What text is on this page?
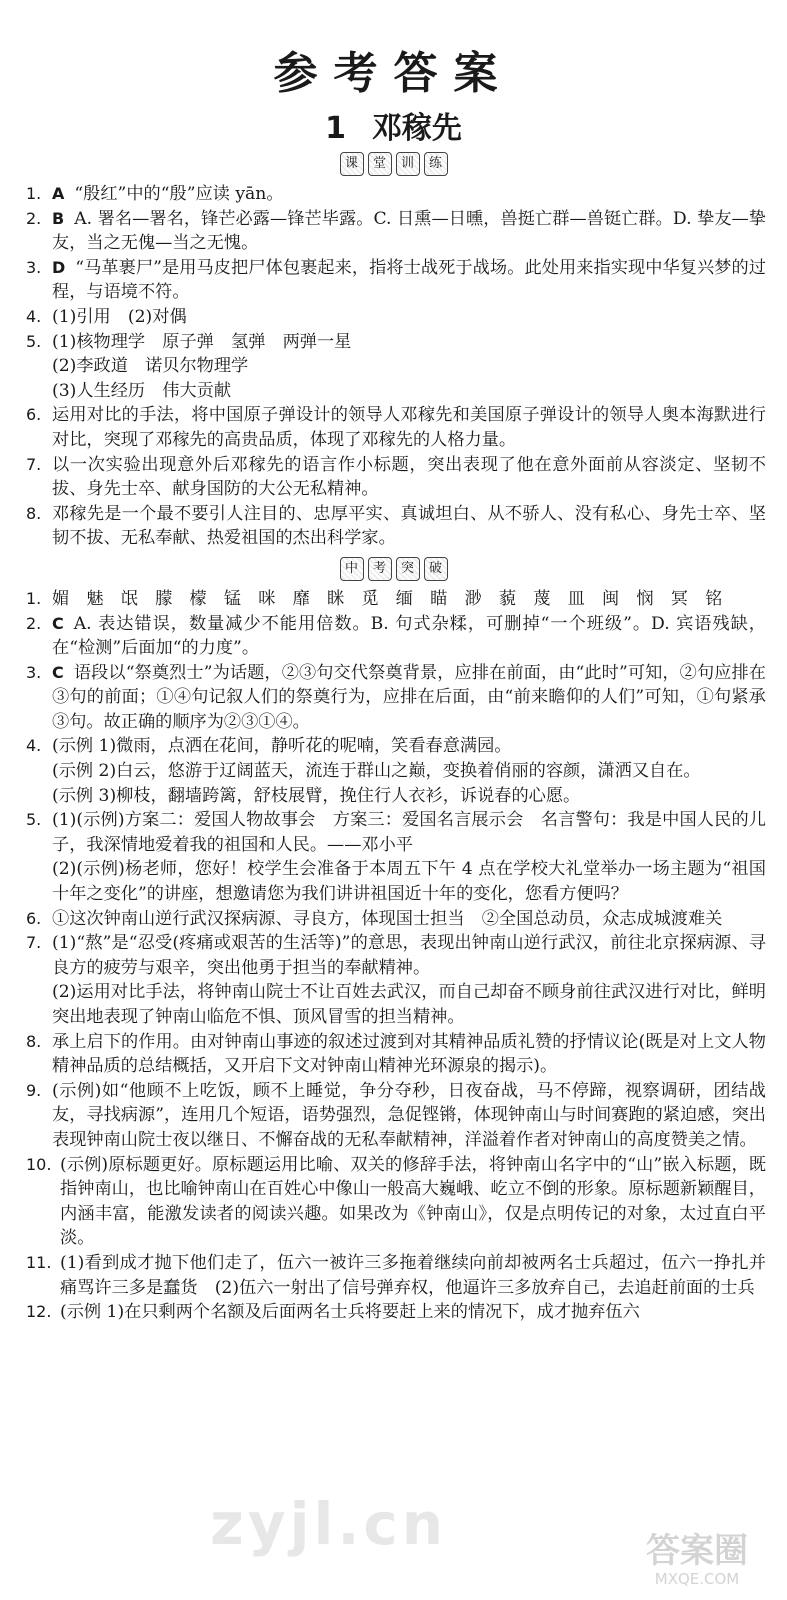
参考答案
1 邓稼先
课 堂 训 练
1. A “殷红”中的“殷”应读 yān。
2. B A. 署名—署名，锋芒必露—锋芒毕露。C. 日熏—日曛，兽挺亡群—兽铤亡群。D. 挚友—挚友，当之无傀—当之无愧。
3. D “马革裹尸”是用马皮把尸体包裹起来，指将士战死于战场。此处用来指实现中华复兴梦的过程，与语境不符。
4. (1)引用　(2)对偶
5. (1)核物理学　原子弹　氢弹　两弹一星
(2)李政道　诺贝尔物理学
(3)人生经历　伟大贡献
6. 运用对比的手法，将中国原子弹设计的领导人邓稼先和美国原子弹设计的领导人奥本海默进行对比，突现了邓稼先的高贵品质，体现了邓稼先的人格力量。
7. 以一次实验出现意外后邓稼先的语言作小标题，突出表现了他在意外面前从容淡定、坚韧不拔、身先士卒、献身国防的大公无私精神。
8. 邓稼先是一个最不要引人注目的、忠厚平实、真诚坦白、从不骄人、没有私心、身先士卒、坚韧不拔、无私奉献、热爱祖国的杰出科学家。
中 考 突 破
1. 媚　魅　氓　朦　檬　锰　咪　靡　眯　觅　缅　瞄　渺　藐　蔑　皿　闽　悯　冥　铭
2. C A. 表达错误，数量减少不能用倍数。B. 句式杂糅，可删掉“一个班级”。D. 宾语残缺，在“检测”后面加“的力度”。
3. C 语段以“祭奠烈士”为话题，②③句交代祭奠背景，应排在前面，由“此时”可知，②句应排在③句的前面；①④句记叙人们的祭奠行为，应排在后面，由“前来瞻仰的人们”可知，①句紧承③句。故正确的顺序为②③①④。
4. (示例 1)微雨，点洒在花间，静听花的呢喃，笑看春意满园。
(示例 2)白云，悠游于辽阔蓝天，流连于群山之巅，变换着俏丽的容颜，潇洒又自在。
(示例 3)柳枝，翻墙跨篱，舒枝展臂，挽住行人衣衫，诉说春的心愿。
5. (1)(示例)方案二：爱国人物故事会　方案三：爱国名言展示会　名言警句：我是中国人民的儿子，我深情地爱着我的祖国和人民。——邓小平
(2)(示例)杨老师，您好！校学生会准备于本周五下午 4 点在学校大礼堂举办一场主题为“祖国十年之变化”的讲座，想邀请您为我们讲讲祖国近十年的变化，您看方便吗？
6. ①这次钟南山逆行武汉探病源、寻良方，体现国士担当　②全国总动员，众志成城渡难关
7. (1)“熬”是“忍受(疼痛或艰苦的生活等)”的意思，表现出钟南山逆行武汉，前往北京探病源、寻良方的疲劳与艰辛，突出他勇于担当的奉献精神。
(2)运用对比手法，将钟南山院士不让百姓去武汉，而自己却奋不顾身前往武汉进行对比，鲜明突出地表现了钟南山临危不惧、顶风冒雪的担当精神。
8. 承上启下的作用。由对钟南山事迹的叙述过渡到对其精神品质礼赞的抒情议论(既是对上文人物精神品质的总结概括，又开启下文对钟南山精神光环源泉的揭示)。
9. (示例)如“他顾不上吃饭，顾不上睡觉，争分夺秒，日夜奋战，马不停蹄，视察调研，团结战友，寻找病源”，连用几个短语，语势强烈，急促铿锵，体现钟南山与时间赛跑的紧迫感，突出表现钟南山院士夜以继日、不懈奋战的无私奉献精神，洋溢着作者对钟南山的高度赞美之情。
10. (示例)原标题更好。原标题运用比喻、双关的修辞手法，将钟南山名字中的“山”嵌入标题，既指钟南山，也比喻钟南山在百姓心中像山一般高大巍峨、屹立不倒的形象。原标题新颖醒目，内涵丰富，能激发读者的阅读兴趣。如果改为《钟南山》，仅是点明传记的对象，太过直白平淡。
11. (1)看到成才抛下他们走了，伍六一被许三多拖着继续向前却被两名士兵超过，伍六一挣扎并痛骂许三多是蠢货　(2)伍六一射出了信号弹弃权，他逼许三多放弃自己，去追赶前面的士兵
12. (示例 1)在只剩两个名额及后面两名士兵将要赶上来的情况下，成才抛弃伍六
zyjl.cn	答案圈
MXQE.COM
